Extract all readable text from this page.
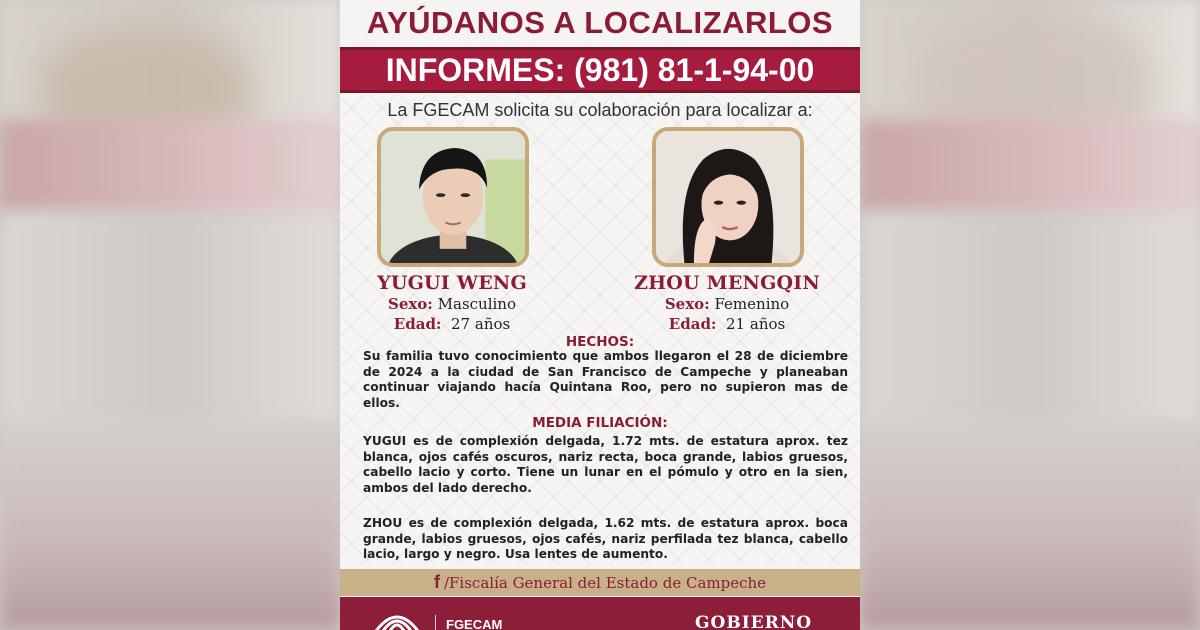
AYÚDANOS A LOCALIZARLOS
INFORMES: (981) 81-1-94-00
La FGECAM solicita su colaboración para localizar a:
YUGUI WENG
Sexo: Masculino
Edad: 27 años
ZHOU MENGQIN
Sexo: Femenino
Edad: 21 años
HECHOS:
Su familia tuvo conocimiento que ambos llegaron el 28 de diciembre de 2024 a la ciudad de San Francisco de Campeche y planeaban continuar viajando hacía Quintana Roo, pero no supieron mas de ellos.
MEDIA FILIACIÓN:
YUGUI es de complexión delgada, 1.72 mts. de estatura aprox. tez blanca, ojos cafés oscuros, nariz recta, boca grande, labios gruesos, cabello lacio y corto. Tiene un lunar en el pómulo y otro en la sien, ambos del lado derecho.
ZHOU es de complexión delgada, 1.62 mts. de estatura aprox. boca grande, labios gruesos, ojos cafés, nariz perfilada tez blanca, cabello lacio, largo y negro. Usa lentes de aumento.
f /Fiscalía General del Estado de Campeche
FGECAM	GOBIERNO
